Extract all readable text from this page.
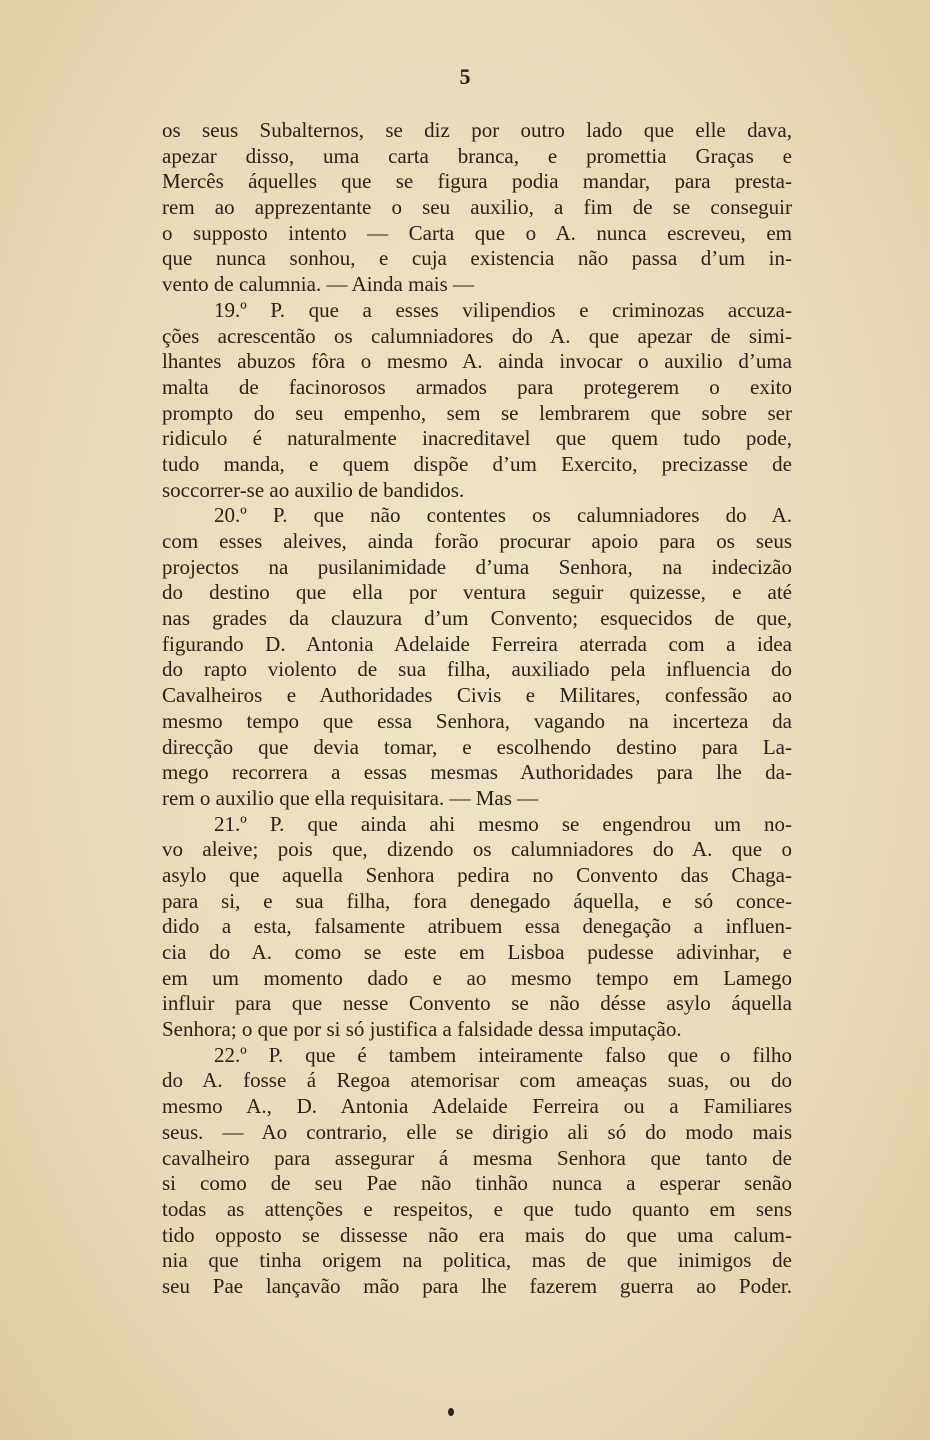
5
os seus Subalternos, se diz por outro lado que elle dava,
apezar disso, uma carta branca, e promettia Graças e
Mercês áquelles que se figura podia mandar, para presta-
rem ao apprezentante o seu auxilio, a fim de se conseguir
o supposto intento — Carta que o A. nunca escreveu, em
que nunca sonhou, e cuja existencia não passa d’um in-
vento de calumnia. — Ainda mais —
19.º P. que a esses vilipendios e criminozas accuza-
ções acrescentão os calumniadores do A. que apezar de simi-
lhantes abuzos fôra o mesmo A. ainda invocar o auxilio d’uma
malta de facinorosos armados para protegerem o exito
prompto do seu empenho, sem se lembrarem que sobre ser
ridiculo é naturalmente inacreditavel que quem tudo pode,
tudo manda, e quem dispõe d’um Exercito, precizasse de
soccorrer-se ao auxilio de bandidos.
20.º P. que não contentes os calumniadores do A.
com esses aleives, ainda forão procurar apoio para os seus
projectos na pusilanimidade d’uma Senhora, na indecizão
do destino que ella por ventura seguir quizesse, e até
nas grades da clauzura d’um Convento; esquecidos de que,
figurando D. Antonia Adelaide Ferreira aterrada com a idea
do rapto violento de sua filha, auxiliado pela influencia do
Cavalheiros e Authoridades Civis e Militares, confessão ao
mesmo tempo que essa Senhora, vagando na incerteza da
direcção que devia tomar, e escolhendo destino para La-
mego recorrera a essas mesmas Authoridades para lhe da-
rem o auxilio que ella requisitara. — Mas —
21.º P. que ainda ahi mesmo se engendrou um no-
vo aleive; pois que, dizendo os calumniadores do A. que o
asylo que aquella Senhora pedira no Convento das Chaga-
para si, e sua filha, fora denegado áquella, e só conce-
dido a esta, falsamente atribuem essa denegação a influen-
cia do A. como se este em Lisboa pudesse adivinhar, e
em um momento dado e ao mesmo tempo em Lamego
influir para que nesse Convento se não désse asylo áquella
Senhora; o que por si só justifica a falsidade dessa imputação.
22.º P. que é tambem inteiramente falso que o filho
do A. fosse á Regoa atemorisar com ameaças suas, ou do
mesmo A., D. Antonia Adelaide Ferreira ou a Familiares
seus. — Ao contrario, elle se dirigio ali só do modo mais
cavalheiro para assegurar á mesma Senhora que tanto de
si como de seu Pae não tinhão nunca a esperar senão
todas as attenções e respeitos, e que tudo quanto em sens
tido opposto se dissesse não era mais do que uma calum-
nia que tinha origem na politica, mas de que inimigos de
seu Pae lançavão mão para lhe fazerem guerra ao Poder.
